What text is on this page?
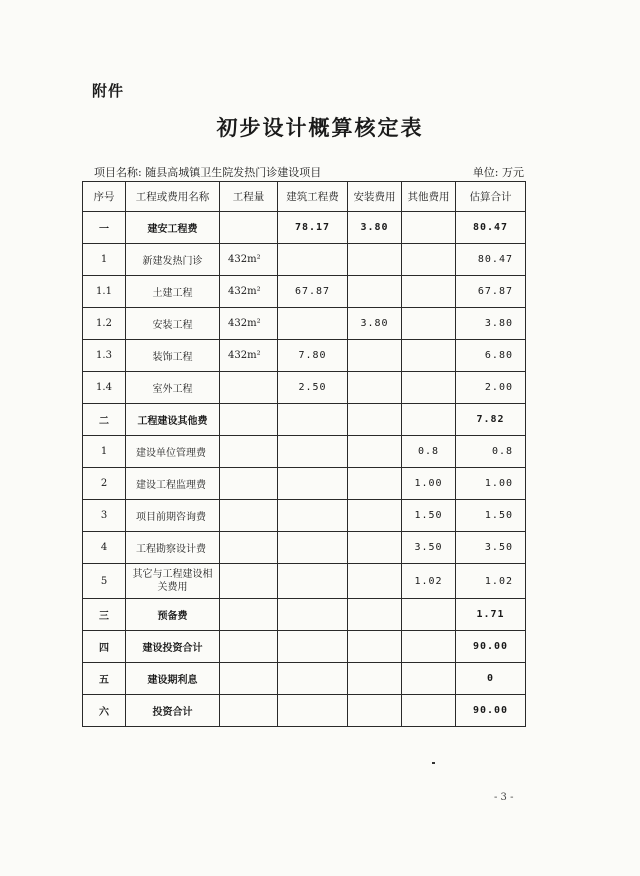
附件
初步设计概算核定表
项目名称: 随县高城镇卫生院发热门诊建设项目	单位: 万元
序号	工程或费用名称	工程量	建筑工程费	安装费用	其他费用	估算合计
一	建安工程费		78.17	3.80		80.47
1	新建发热门诊	432m²				80.47
1.1	土建工程	432m²	67.87			67.87
1.2	安装工程	432m²		3.80		3.80
1.3	装饰工程	432m²	7.80			6.80
1.4	室外工程		2.50			2.00
二	工程建设其他费					7.82
1	建设单位管理费				0.8	0.8
2	建设工程监理费				1.00	1.00
3	项目前期咨询费				1.50	1.50
4	工程勘察设计费				3.50	3.50
5	其它与工程建设相关费用				1.02	1.02
三	预备费					1.71
四	建设投资合计					90.00
五	建设期利息					0
六	投资合计					90.00
- 3 -
